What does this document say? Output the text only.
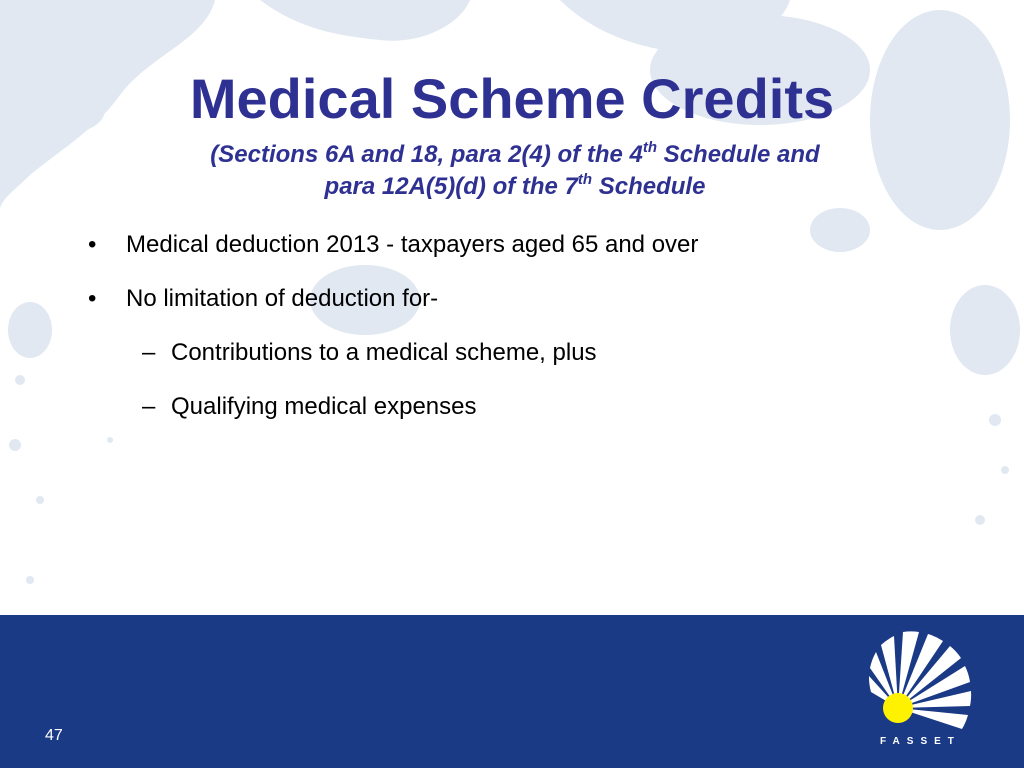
Medical Scheme Credits
(Sections 6A and 18, para 2(4) of the 4th Schedule and
para 12A(5)(d) of the 7th Schedule
• Medical deduction 2013 - taxpayers aged 65 and over
• No limitation of deduction for-
– Contributions to a medical scheme, plus
– Qualifying medical expenses
47	FASSET
